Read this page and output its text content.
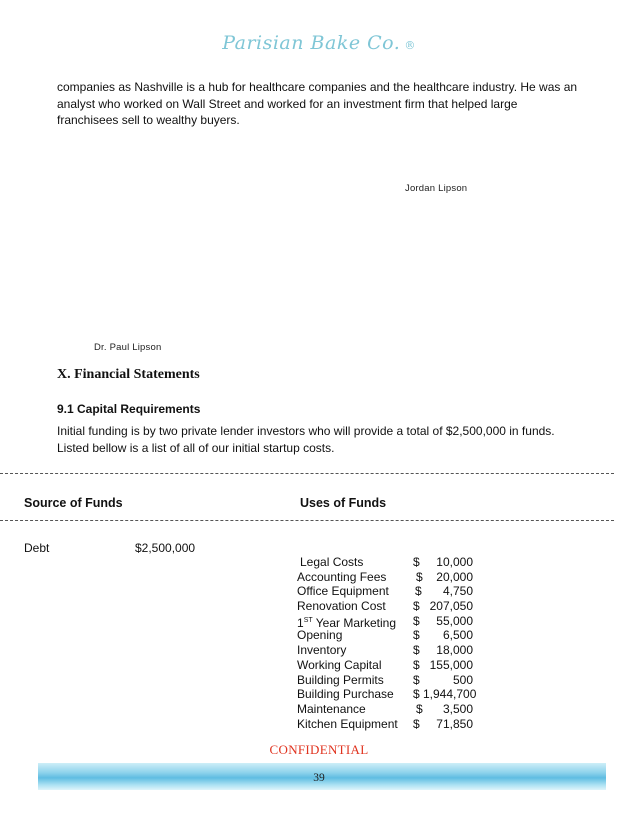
Parisian Bake Co. ®
companies as Nashville is a hub for healthcare companies and the healthcare industry. He was an
analyst who worked on Wall Street and worked for an investment firm that helped large
franchisees sell to wealthy buyers.
Jordan Lipson
Dr. Paul Lipson
X. Financial Statements
9.1 Capital Requirements
Initial funding is by two private lender investors who will provide a total of $2,500,000 in funds.
Listed bellow is a list of all of our initial startup costs.
Source of Funds	Uses of Funds
Debt	$2,500,000
Legal Costs	$	10,000
Accounting Fees $	20,000
Office Equipment $	4,750
Renovation Cost $ 207,050
1ST Year Marketing $	55,000
Opening	$	6,500
Inventory	$	18,000
Working Capital	$ 155,000
Building Permits $	500
Building Purchase $ 1,944,700
Maintenance	$	3,500
Kitchen Equipment $	71,850
CONFIDENTIAL
39
